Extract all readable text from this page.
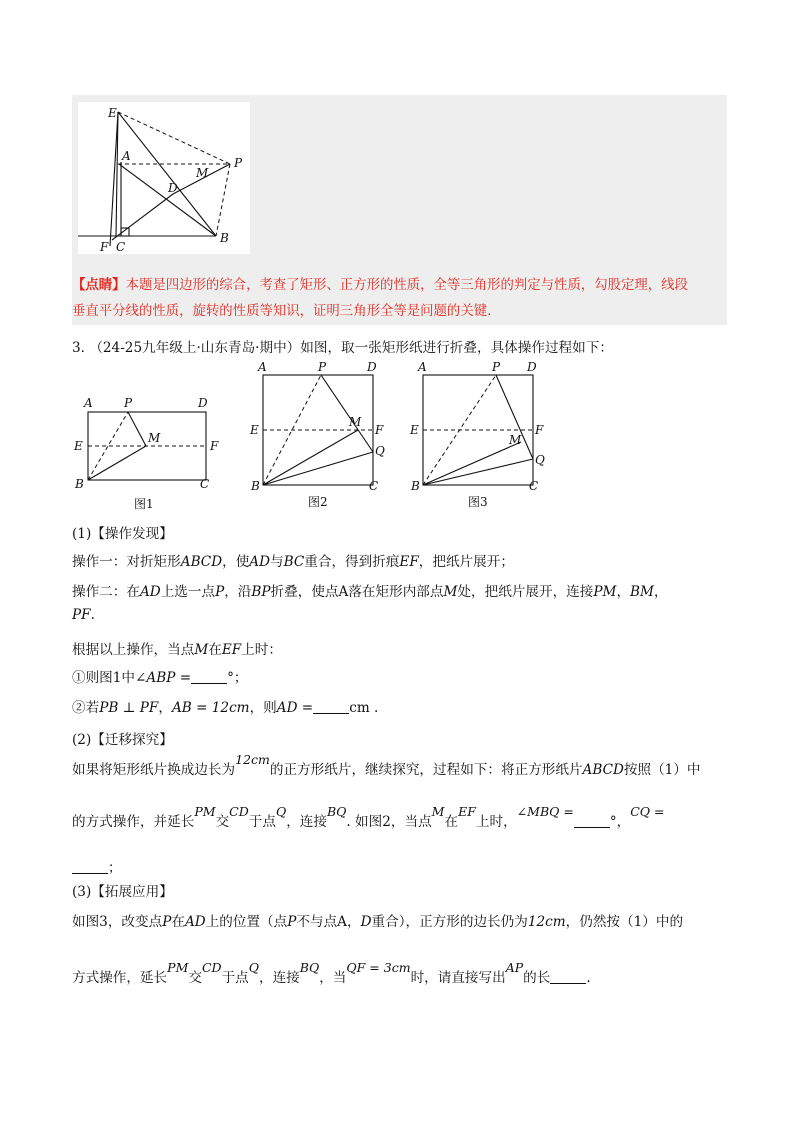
E
A	P
M
D
F C
B
【点睛】本题是四边形的综合，考查了矩形、正方形的性质，全等三角形的判定与性质，勾股定理，线段
垂直平分线的性质，旋转的性质等知识，证明三角形全等是问题的关键.
3. （24-25九年级上·山东青岛·期中）如图，取一张矩形纸进行折叠，具体操作过程如下：
A	P	D
E
M
F
B	C
图1
A	P	D
E
M
F
Q
B	C
图2
A	P D
E
M
F
Q
B	C
图3
(1)【操作发现】
操作一：对折矩形ABCD，使AD与BC重合，得到折痕EF，把纸片展开；
操作二：在AD上选一点P，沿BP折叠，使点A落在矩形内部点M处，把纸片展开，连接PM，BM，
PF.
根据以上操作，当点M在EF上时：
①则图1中∠ABP =	°；
②若PB ⊥ PF，AB = 12cm，则AD =	cm .
(2)【迁移探究】
如果将矩形纸片换成边长为12cm的正方形纸片，继续探究，过程如下：将正方形纸片ABCD按照（1）中
的方式操作，并延长PM交CD于点Q，连接BQ. 如图2，当点M在EF上时，∠MBQ =°，CQ =
；
(3)【拓展应用】
如图3，改变点P在AD上的位置（点P不与点A，D重合），正方形的边长仍为12cm，仍然按（1）中的
方式操作，延长PM交CD于点Q，连接BQ，当QF = 3cm时，请直接写出AP的长	.
